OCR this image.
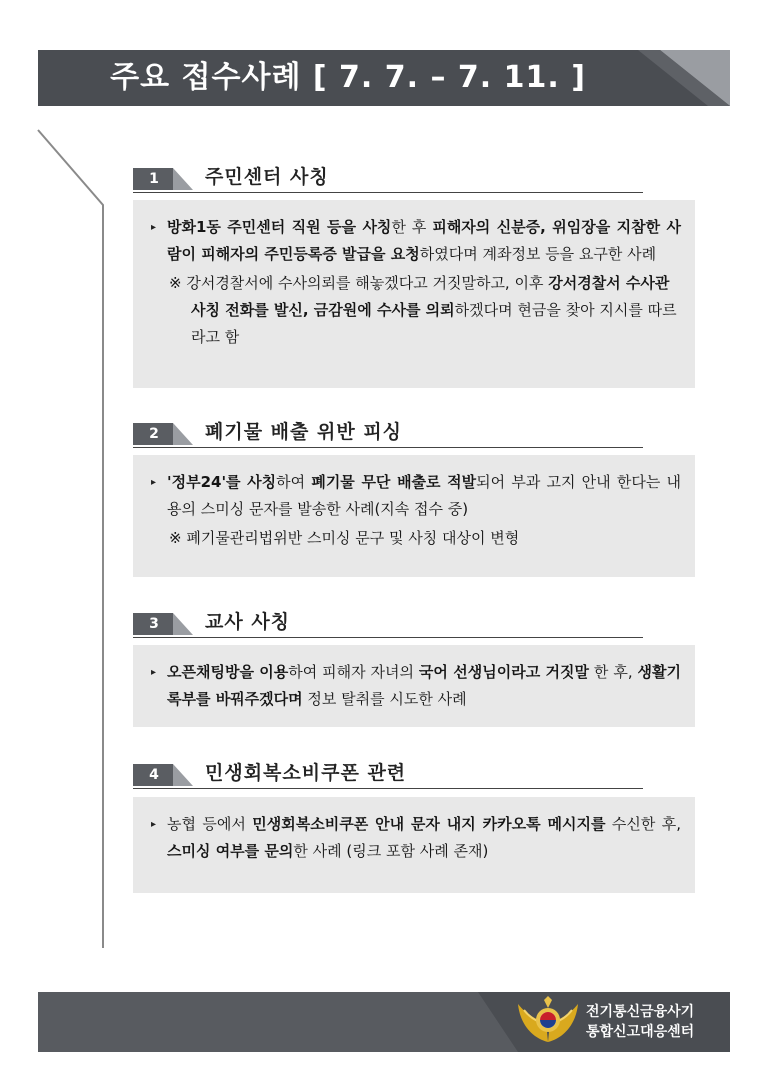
주요 접수사례 [ 7. 7. – 7. 11. ]
1	주민센터 사칭
▸ 방화1동 주민센터 직원 등을 사칭한 후 피해자의 신분증, 위임장을 지참한 사람이 피해자의 주민등록증 발급을 요청하였다며 계좌정보 등을 요구한 사례
※ 강서경찰서에 수사의뢰를 해놓겠다고 거짓말하고, 이후 강서경찰서 수사관 사칭 전화를 발신, 금감원에 수사를 의뢰하겠다며 현금을 찾아 지시를 따르라고 함
2	폐기물 배출 위반 피싱
▸ '정부24'를 사칭하여 폐기물 무단 배출로 적발되어 부과 고지 안내 한다는 내용의 스미싱 문자를 발송한 사례(지속 접수 중)
※ 폐기물관리법위반 스미싱 문구 및 사칭 대상이 변형
3	교사 사칭
▸ 오픈채팅방을 이용하여 피해자 자녀의 국어 선생님이라고 거짓말 한 후, 생활기록부를 바꿔주겠다며 정보 탈취를 시도한 사례
4	민생회복소비쿠폰 관련
▸ 농협 등에서 민생회복소비쿠폰 안내 문자 내지 카카오톡 메시지를 수신한 후, 스미싱 여부를 문의한 사례 (링크 포함 사례 존재)
전기통신금융사기
통합신고대응센터
